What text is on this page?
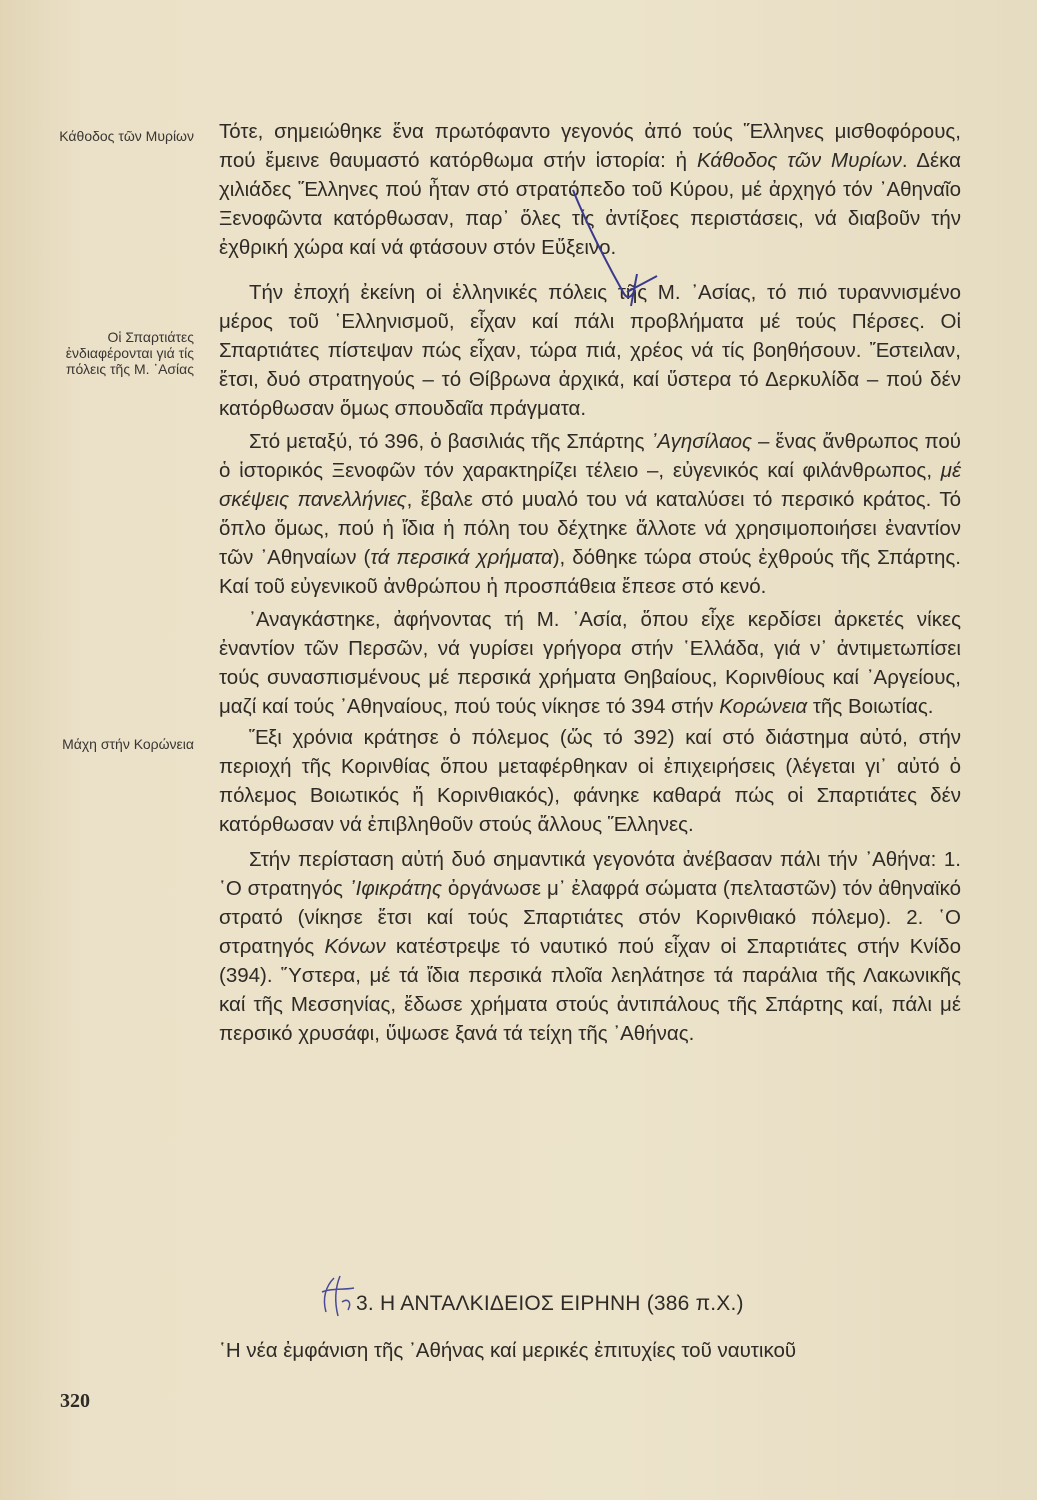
Κάθοδος τῶν Μυρίων
Οἱ Σπαρτιάτες ἐνδιαφέρονται γιά τίς πόλεις τῆς Μ. ᾿Ασίας
Μάχη στήν Κορώνεια

Τότε, σημειώθηκε ἕνα πρωτόφαντο γεγονός ἀπό τούς Ἕλληνες μισθοφόρους, πού ἔμεινε θαυμαστό κατόρθωμα στήν ἱστορία: ἡ Κάθοδος τῶν Μυρίων. Δέκα χιλιάδες Ἕλληνες πού ἦταν στό στρατόπεδο τοῦ Κύρου, μέ ἀρχηγό τόν ᾿Αθηναῖο Ξενοφῶντα κατόρθωσαν, παρ᾿ ὅλες τίς ἀντίξοες περιστάσεις, νά διαβοῦν τήν ἐχθρική χώρα καί νά φτάσουν στόν Εὔξεινο.

Τήν ἐποχή ἐκείνη οἱ ἑλληνικές πόλεις τῆς Μ. ᾿Ασίας, τό πιό τυραννισμένο μέρος τοῦ ῾Ελληνισμοῦ, εἶχαν καί πάλι προβλήματα μέ τούς Πέρσες. Οἱ Σπαρτιάτες πίστεψαν πώς εἶχαν, τώρα πιά, χρέος νά τίς βοηθήσουν. Ἔστειλαν, ἔτσι, δυό στρατηγούς – τό Θίβρωνα ἀρχικά, καί ὕστερα τό Δερκυλίδα – πού δέν κατόρθωσαν ὅμως σπουδαῖα πράγματα.

Στό μεταξύ, τό 396, ὁ βασιλιάς τῆς Σπάρτης ᾿Αγησίλαος – ἕνας ἄνθρωπος πού ὁ ἱστορικός Ξενοφῶν τόν χαρακτηρίζει τέλειο –, εὐγενικός καί φιλάνθρωπος, μέ σκέψεις πανελλήνιες, ἔβαλε στό μυαλό του νά καταλύσει τό περσικό κράτος. Τό ὅπλο ὅμως, πού ἡ ἴδια ἡ πόλη του δέχτηκε ἄλλοτε νά χρησιμοποιήσει ἐναντίον τῶν ᾿Αθηναίων (τά περσικά χρήματα), δόθηκε τώρα στούς ἐχθρούς τῆς Σπάρτης. Καί τοῦ εὐγενικοῦ ἀνθρώπου ἡ προσπάθεια ἔπεσε στό κενό.

᾿Αναγκάστηκε, ἀφήνοντας τή Μ. ᾿Ασία, ὅπου εἶχε κερδίσει ἀρκετές νίκες ἐναντίον τῶν Περσῶν, νά γυρίσει γρήγορα στήν ῾Ελλάδα, γιά ν᾿ ἀντιμετωπίσει τούς συνασπισμένους μέ περσικά χρήματα Θηβαίους, Κορινθίους καί ᾿Αργείους, μαζί καί τούς ᾿Αθηναίους, πού τούς νίκησε τό 394 στήν Κορώνεια τῆς Βοιωτίας.

Ἕξι χρόνια κράτησε ὁ πόλεμος (ὥς τό 392) καί στό διάστημα αὐτό, στήν περιοχή τῆς Κορινθίας ὅπου μεταφέρθηκαν οἱ ἐπιχειρήσεις (λέγεται γι᾿ αὐτό ὁ πόλεμος Βοιωτικός ἤ Κορινθιακός), φάνηκε καθαρά πώς οἱ Σπαρτιάτες δέν κατόρθωσαν νά ἐπιβληθοῦν στούς ἄλλους Ἕλληνες.

Στήν περίσταση αὐτή δυό σημαντικά γεγονότα ἀνέβασαν πάλι τήν ᾿Αθήνα: 1. ῾Ο στρατηγός ᾿Ιφικράτης ὀργάνωσε μ᾿ ἐλαφρά σώματα (πελταστῶν) τόν ἀθηναϊκό στρατό (νίκησε ἔτσι καί τούς Σπαρτιάτες στόν Κορινθιακό πόλεμο). 2. ῾Ο στρατηγός Κόνων κατέστρεψε τό ναυτικό πού εἶχαν οἱ Σπαρτιάτες στήν Κνίδο (394). Ὕστερα, μέ τά ἴδια περσικά πλοῖα λεηλάτησε τά παράλια τῆς Λακωνικῆς καί τῆς Μεσσηνίας, ἔδωσε χρήματα στούς ἀντιπάλους τῆς Σπάρτης καί, πάλι μέ περσικό χρυσάφι, ὕψωσε ξανά τά τείχη τῆς ᾿Αθήνας.

3. Η ΑΝΤΑΛΚΙΔΕΙΟΣ ΕΙΡΗΝΗ (386 π.Χ.)

῾Η νέα ἐμφάνιση τῆς ᾿Αθήνας καί μερικές ἐπιτυχίες τοῦ ναυτικοῦ

320
